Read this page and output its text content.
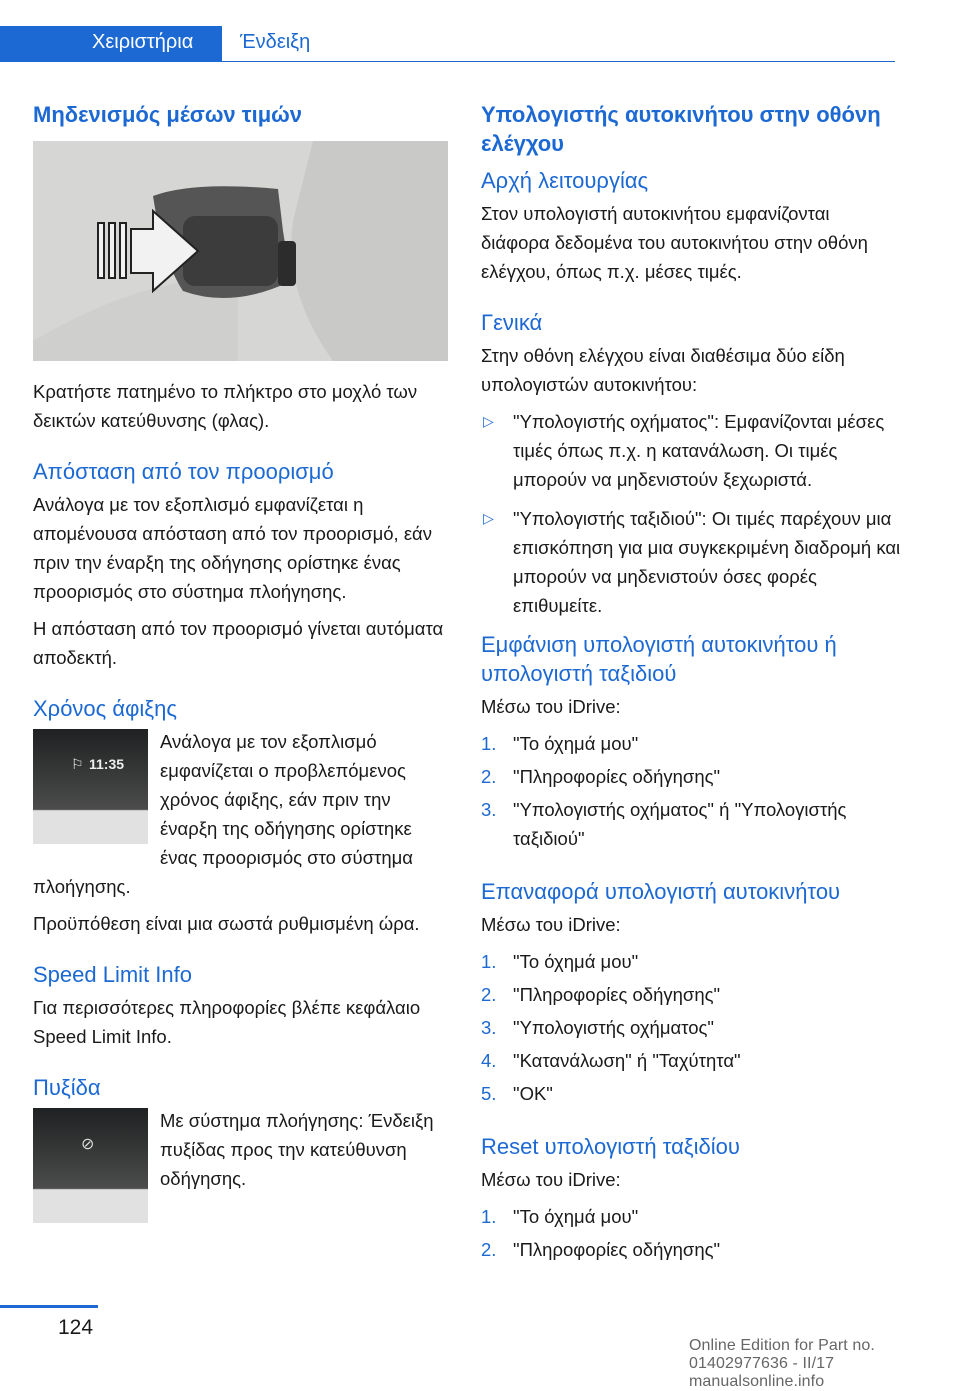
Χειριστήρια Ένδειξη
Μηδενισμός μέσων τιμών

Κρατήστε πατημένο το πλήκτρο στο μοχλό των δεικτών κατεύθυνσης (φλας).

Απόσταση από τον προορισμό

Ανάλογα με τον εξοπλισμό εμφανίζεται η απομένουσα απόσταση από τον προορισμό, εάν πριν την έναρξη της οδήγησης ορίστηκε ένας προορισμός στο σύστημα πλοήγησης.

Η απόσταση από τον προορισμό γίνεται αυτόματα αποδεκτή.

Χρόνος άφιξης
⚐ 11:35

Ανάλογα με τον εξοπλισμό εμφανίζεται ο προβλεπόμενος χρόνος άφιξης, εάν πριν την έναρξη της οδήγησης ορίστηκε ένας προορισμός στο σύστημα πλοήγησης.

Προϋπόθεση είναι μια σωστά ρυθμισμένη ώρα.

Speed Limit Info

Για περισσότερες πληροφορίες βλέπε κεφάλαιο Speed Limit Info.

Πυξίδα
⊘

Με σύστημα πλοήγησης: Ένδειξη πυξίδας προς την κατεύθυνση οδήγησης.

Υπολογιστής αυτοκινήτου στην οθόνη ελέγχου
Αρχή λειτουργίας

Στον υπολογιστή αυτοκινήτου εμφανίζονται διάφορα δεδομένα του αυτοκινήτου στην οθόνη ελέγχου, όπως π.χ. μέσες τιμές.

Γενικά

Στην οθόνη ελέγχου είναι διαθέσιμα δύο είδη υπολογιστών αυτοκινήτου:

▷ "Υπολογιστής οχήματος": Εμφανίζονται μέσες τιμές όπως π.χ. η κατανάλωση. Οι τιμές μπορούν να μηδενιστούν ξεχωριστά.
▷ "Υπολογιστής ταξιδιού": Οι τιμές παρέχουν μια επισκόπηση για μια συγκεκριμένη διαδρομή και μπορούν να μηδενιστούν όσες φορές επιθυμείτε.
Εμφάνιση υπολογιστή αυτοκινήτου ή υπολογιστή ταξιδιού

Μέσω του iDrive:

1. "Το όχημά μου"
2. "Πληροφορίες οδήγησης"
3. "Υπολογιστής οχήματος" ή "Υπολογιστής ταξιδιού"
Επαναφορά υπολογιστή αυτοκινήτου

Μέσω του iDrive:

1. "Το όχημά μου"
2. "Πληροφορίες οδήγησης"
3. "Υπολογιστής οχήματος"
4. "Κατανάλωση" ή "Ταχύτητα"
5. "OK"
Reset υπολογιστή ταξιδίου

Μέσω του iDrive:

1. "Το όχημά μου"
2. "Πληροφορίες οδήγησης"
124
Online Edition for Part no. 01402977636 - II/17 manualsonline.info
